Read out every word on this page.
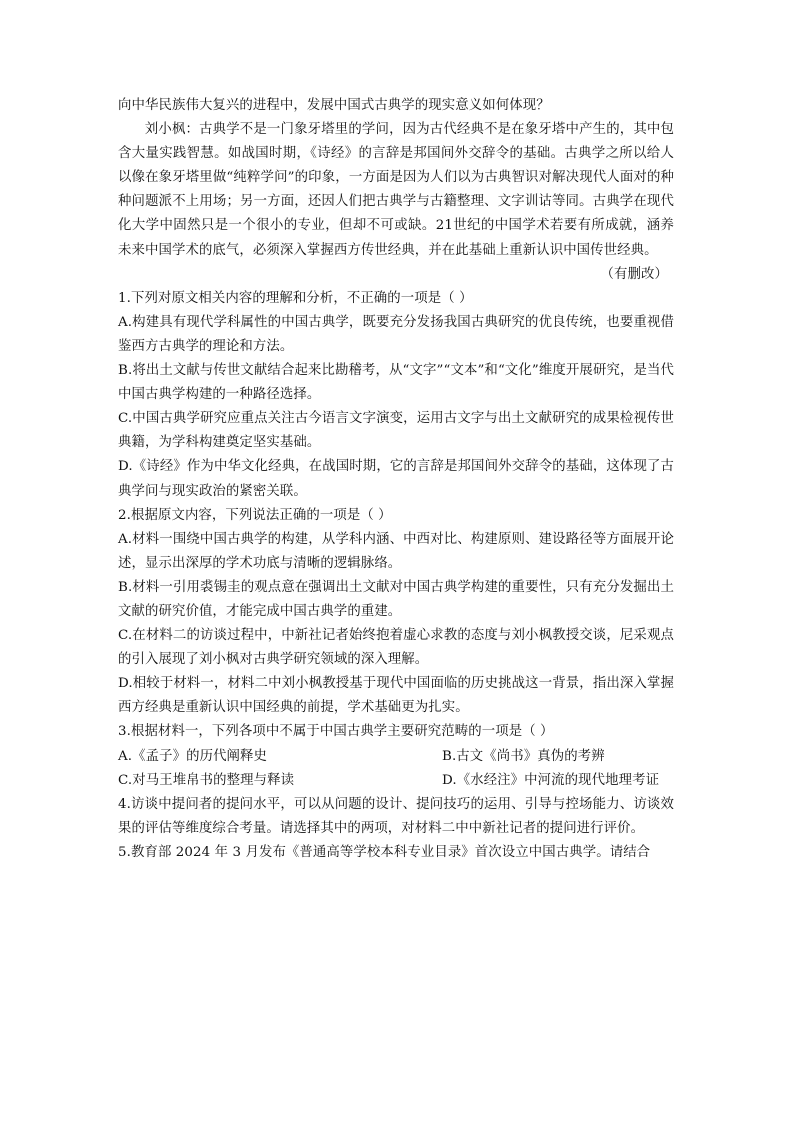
向中华民族伟大复兴的进程中，发展中国式古典学的现实意义如何体现？

刘小枫：古典学不是一门象牙塔里的学问，因为古代经典不是在象牙塔中产生的，其中包含大量实践智慧。如战国时期，《诗经》的言辞是邦国间外交辞令的基础。古典学之所以给人以像在象牙塔里做“纯粹学问”的印象，一方面是因为人们以为古典智识对解决现代人面对的种种问题派不上用场；另一方面，还因人们把古典学与古籍整理、文字训诂等同。古典学在现代化大学中固然只是一个很小的专业，但却不可或缺。21世纪的中国学术若要有所成就，涵养未来中国学术的底气，必须深入掌握西方传世经典，并在此基础上重新认识中国传世经典。

（有删改）

1.下列对原文相关内容的理解和分析，不正确的一项是（ ）

A.构建具有现代学科属性的中国古典学，既要充分发扬我国古典研究的优良传统，也要重视借鉴西方古典学的理论和方法。

B.将出土文献与传世文献结合起来比勘稽考，从“文字”“文本”和“文化”维度开展研究，是当代中国古典学构建的一种路径选择。

C.中国古典学研究应重点关注古今语言文字演变，运用古文字与出土文献研究的成果检视传世典籍，为学科构建奠定坚实基础。

D.《诗经》作为中华文化经典，在战国时期，它的言辞是邦国间外交辞令的基础，这体现了古典学问与现实政治的紧密关联。

2.根据原文内容，下列说法正确的一项是（ ）

A.材料一围绕中国古典学的构建，从学科内涵、中西对比、构建原则、建设路径等方面展开论述，显示出深厚的学术功底与清晰的逻辑脉络。

B.材料一引用裘锡圭的观点意在强调出土文献对中国古典学构建的重要性，只有充分发掘出土文献的研究价值，才能完成中国古典学的重建。

C.在材料二的访谈过程中，中新社记者始终抱着虚心求教的态度与刘小枫教授交谈，尼采观点的引入展现了刘小枫对古典学研究领域的深入理解。

D.相较于材料一，材料二中刘小枫教授基于现代中国面临的历史挑战这一背景，指出深入掌握西方经典是重新认识中国经典的前提，学术基础更为扎实。

3.根据材料一，下列各项中不属于中国古典学主要研究范畴的一项是（ ）

A.《孟子》的历代阐释史	B.古文《尚书》真伪的考辨
C.对马王堆帛书的整理与释读	D.《水经注》中河流的现代地理考证

4.访谈中提问者的提问水平，可以从问题的设计、提问技巧的运用、引导与控场能力、访谈效果的评估等维度综合考量。请选择其中的两项，对材料二中中新社记者的提问进行评价。

5.教育部 2024 年 3 月发布《普通高等学校本科专业目录》首次设立中国古典学。请结合
